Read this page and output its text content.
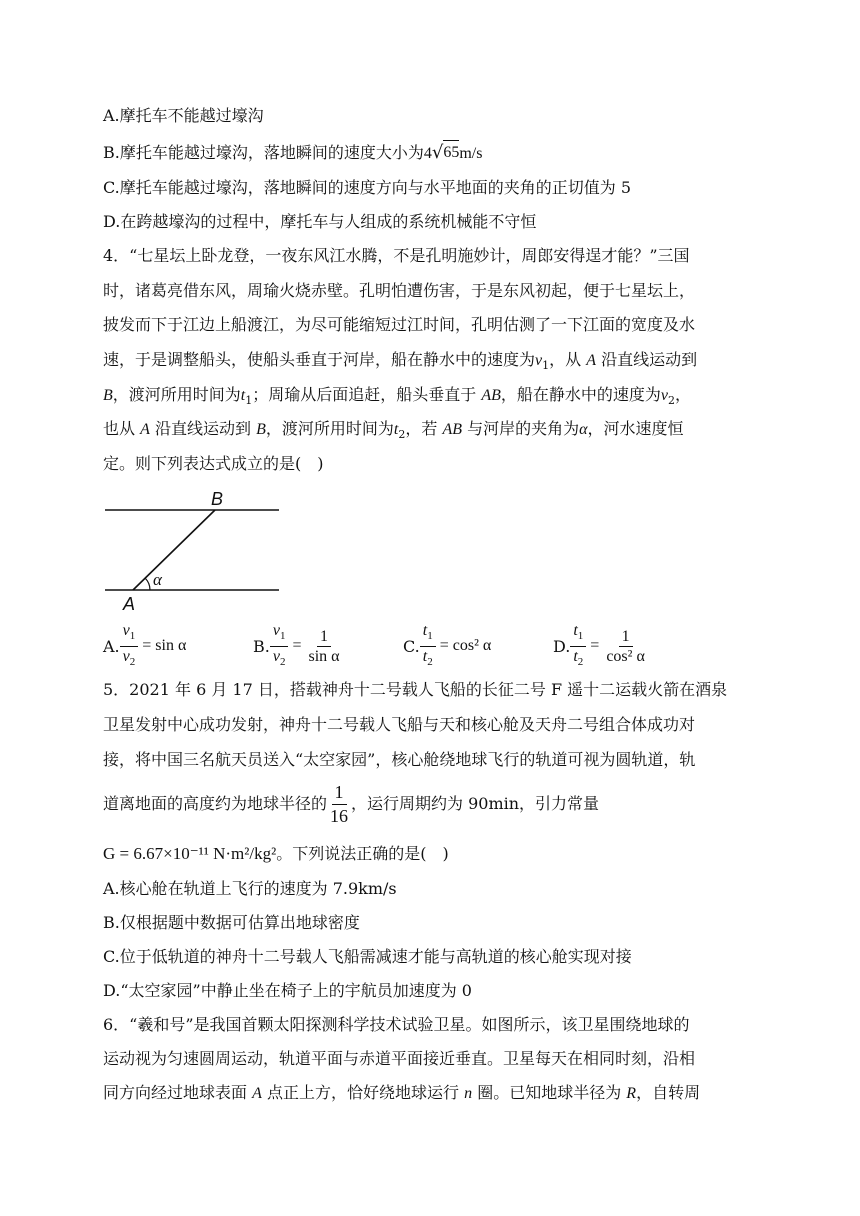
A.摩托车不能越过壕沟
B.摩托车能越过壕沟，落地瞬间的速度大小为4 √ 65 m/s
C.摩托车能越过壕沟，落地瞬间的速度方向与水平地面的夹角的正切值为 5
D.在跨越壕沟的过程中，摩托车与人组成的系统机械能不守恒
4．“七星坛上卧龙登，一夜东风江水腾，不是孔明施妙计，周郎安得逞才能？”三国
时，诸葛亮借东风，周瑜火烧赤壁。孔明怕遭伤害，于是东风初起，便于七星坛上，
披发而下于江边上船渡江，为尽可能缩短过江时间，孔明估测了一下江面的宽度及水
速，于是调整船头，使船头垂直于河岸，船在静水中的速度为$v_1$，从 A 沿直线运动到
B，渡河所用时间为$t_1$；周瑜从后面追赶，船头垂直于 AB，船在静水中的速度为$v_2$，
也从 A 沿直线运动到 B，渡河所用时间为$t_2$，若 AB 与河岸的夹角为α，河水速度恒
定。则下列表达式成立的是(　)
B
A
α
A. $\frac{v_1}{v_2} = \sin \alpha$	B. $\frac{v_1}{v_2} = \frac{1}{\text{sin α}}$	C. $\frac{t_1}{t_2} = \cos^2$ α	D. $\frac{t_1}{t_2} = \frac{1}{\text{cos² α}}$
5．2021 年 6 月 17 日，搭载神舟十二号载人飞船的长征二号 F 遥十二运载火箭在酒泉
卫星发射中心成功发射，神舟十二号载人飞船与天和核心舱及天舟二号组合体成功对
接，将中国三名航天员送入“太空家园”，核心舱绕地球飞行的轨道可视为圆轨道，轨
道离地面的高度约为地球半径的 $\frac{1}{16}$ ，运行周期约为 90min，引力常量
G = 6.67×10⁻¹¹ N·m²/kg²。下列说法正确的是(　)
A.核心舱在轨道上飞行的速度为 7.9km/s
B.仅根据题中数据可估算出地球密度
C.位于低轨道的神舟十二号载人飞船需减速才能与高轨道的核心舱实现对接
D.“太空家园”中静止坐在椅子上的宇航员加速度为 0
6．“羲和号”是我国首颗太阳探测科学技术试验卫星。如图所示，该卫星围绕地球的
运动视为匀速圆周运动，轨道平面与赤道平面接近垂直。卫星每天在相同时刻，沿相
同方向经过地球表面 A 点正上方，恰好绕地球运行 n 圈。已知地球半径为 R，自转周
